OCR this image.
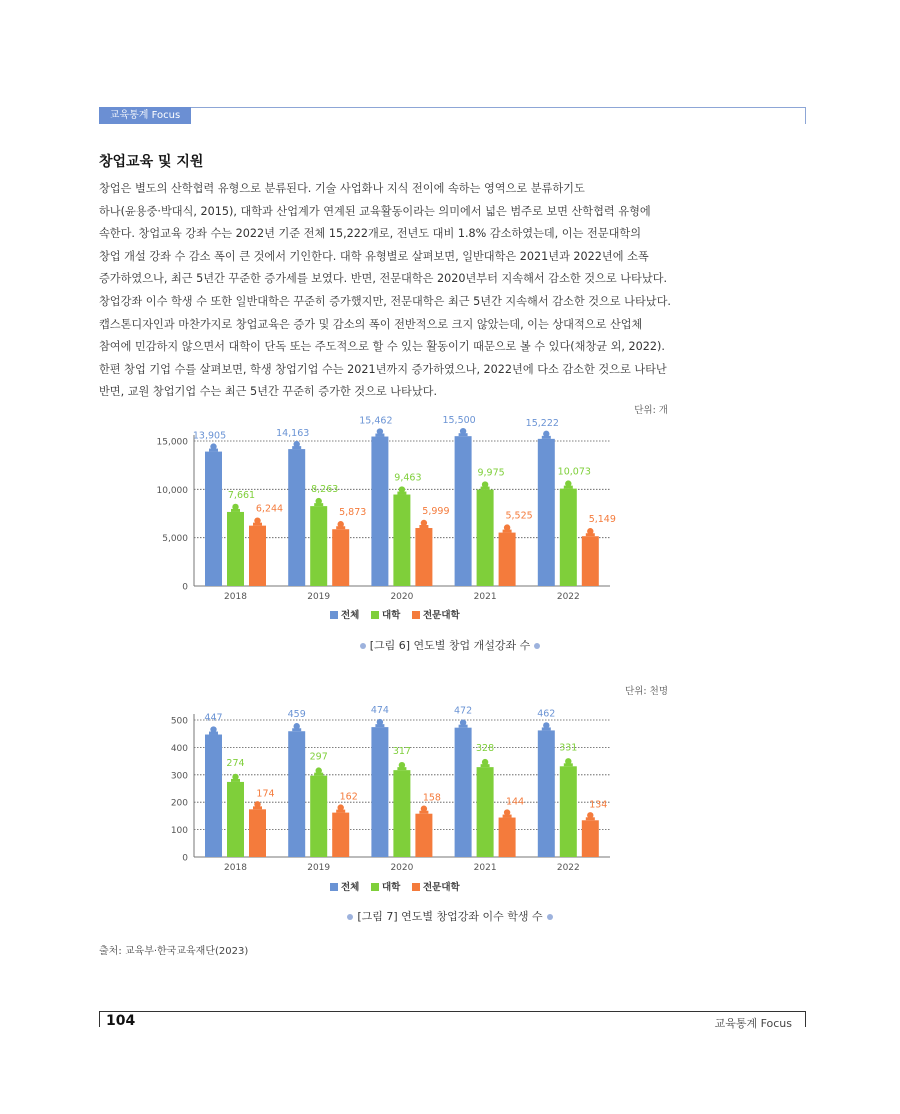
교육통계 Focus
창업교육 및 지원

창업은 별도의 산학협력 유형으로 분류된다. 기술 사업화나 지식 전이에 속하는 영역으로 분류하기도

하나(윤용중·박대식, 2015), 대학과 산업계가 연계된 교육활동이라는 의미에서 넓은 범주로 보면 산학협력 유형에

속한다. 창업교육 강좌 수는 2022년 기준 전체 15,222개로, 전년도 대비 1.8% 감소하였는데, 이는 전문대학의

창업 개설 강좌 수 감소 폭이 큰 것에서 기인한다. 대학 유형별로 살펴보면, 일반대학은 2021년과 2022년에 소폭

증가하였으나, 최근 5년간 꾸준한 증가세를 보였다. 반면, 전문대학은 2020년부터 지속해서 감소한 것으로 나타났다.

창업강좌 이수 학생 수 또한 일반대학은 꾸준히 증가했지만, 전문대학은 최근 5년간 지속해서 감소한 것으로 나타났다.

캡스톤디자인과 마찬가지로 창업교육은 증가 및 감소의 폭이 전반적으로 크지 않았는데, 이는 상대적으로 산업체

참여에 민감하지 않으면서 대학이 단독 또는 주도적으로 할 수 있는 활동이기 때문으로 볼 수 있다(채창균 외, 2022).

한편 창업 기업 수를 살펴보면, 학생 창업기업 수는 2021년까지 증가하였으나, 2022년에 다소 감소한 것으로 나타난

반면, 교원 창업기업 수는 최근 5년간 꾸준히 증가한 것으로 나타났다.

단위: 개
0
5,000
10,000
15,000
2018
13,905
7,661
6,244
2019
14,163
8,263
5,873
2020
15,462
9,463
5,999
2021
15,500
9,975
5,525
2022
15,222
10,073
5,149
전체 대학 전문대학
[그림 6] 연도별 창업 개설강좌 수
단위: 천명
0
100
200
300
400
500
2018
447
274
174
2019
459
297
162
2020
474
317
158
2021
472
328
144
2022
462
331
134
전체 대학 전문대학
[그림 7] 연도별 창업강좌 이수 학생 수
출처: 교육부·한국교육재단(2023)
104	교육통계 Focus
